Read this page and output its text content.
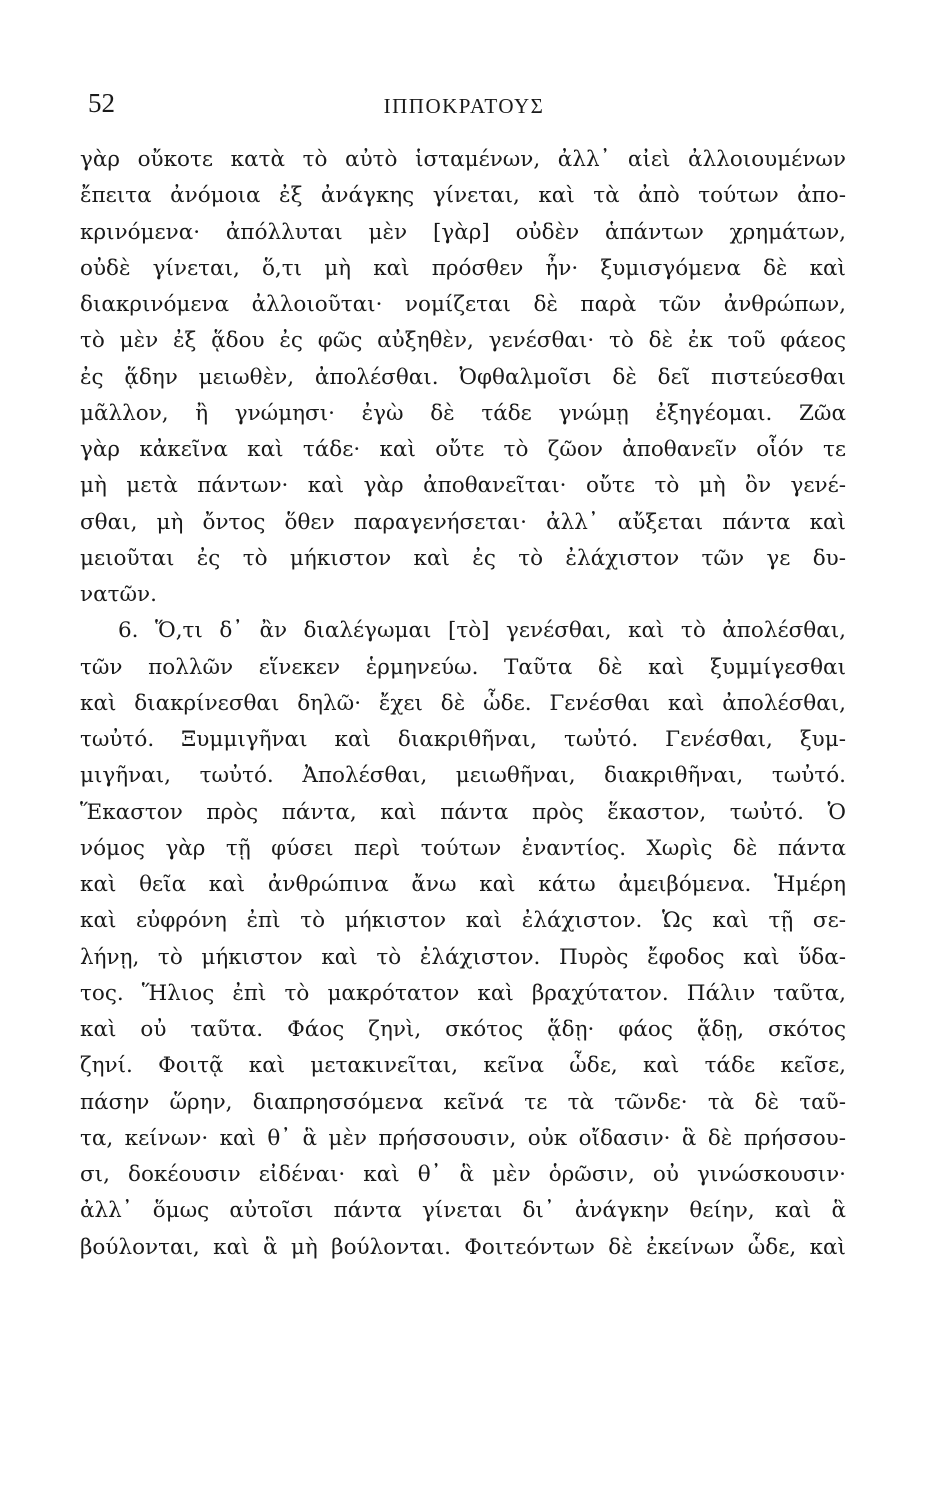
52	ΙΠΠΟΚΡΑΤΟΥΣ
γὰρ οὔκοτε κατὰ τὸ αὐτὸ ἱσταμένων, ἀλλ᾽ αἰεὶ ἀλλοιουμένων
ἔπειτα ἀνόμοια ἐξ ἀνάγκης γίνεται, καὶ τὰ ἀπὸ τούτων ἀπο-
κρινόμενα· ἀπόλλυται μὲν [γὰρ] οὐδὲν ἁπάντων χρημάτων,
οὐδὲ γίνεται, ὅ,τι μὴ καὶ πρόσθεν ἦν· ξυμισγόμενα δὲ καὶ
διακρινόμενα ἀλλοιοῦται· νομίζεται δὲ παρὰ τῶν ἀνθρώπων,
τὸ μὲν ἐξ ᾅδου ἐς φῶς αὐξηθὲν, γενέσθαι· τὸ δὲ ἐκ τοῦ φάεος
ἐς ᾅδην μειωθὲν, ἀπολέσθαι. Ὀφθαλμοῖσι δὲ δεῖ πιστεύεσθαι
μᾶλλον, ἢ γνώμησι· ἐγὼ δὲ τάδε γνώμῃ ἐξηγέομαι. Ζῶα
γὰρ κἀκεῖνα καὶ τάδε· καὶ οὔτε τὸ ζῶον ἀποθανεῖν οἷόν τε
μὴ μετὰ πάντων· καὶ γὰρ ἀποθανεῖται· οὔτε τὸ μὴ ὂν γενέ-
σθαι, μὴ ὄντος ὅθεν παραγενήσεται· ἀλλ᾽ αὔξεται πάντα καὶ
μειοῦται ἐς τὸ μήκιστον καὶ ἐς τὸ ἐλάχιστον τῶν γε δυ-
νατῶν.
6. Ὅ,τι δ᾽ ἂν διαλέγωμαι [τὸ] γενέσθαι, καὶ τὸ ἀπολέσθαι,
τῶν πολλῶν εἵνεκεν ἑρμηνεύω. Ταῦτα δὲ καὶ ξυμμίγεσθαι
καὶ διακρίνεσθαι δηλῶ· ἔχει δὲ ὧδε. Γενέσθαι καὶ ἀπολέσθαι,
τωὐτό. Ξυμμιγῆναι καὶ διακριθῆναι, τωὐτό. Γενέσθαι, ξυμ-
μιγῆναι, τωὐτό. Ἀπολέσθαι, μειωθῆναι, διακριθῆναι, τωὐτό.
Ἕκαστον πρὸς πάντα, καὶ πάντα πρὸς ἕκαστον, τωὐτό. Ὁ
νόμος γὰρ τῇ φύσει περὶ τούτων ἐναντίος. Χωρὶς δὲ πάντα
καὶ θεῖα καὶ ἀνθρώπινα ἄνω καὶ κάτω ἀμειβόμενα. Ἡμέρη
καὶ εὐφρόνη ἐπὶ τὸ μήκιστον καὶ ἐλάχιστον. Ὡς καὶ τῇ σε-
λήνῃ, τὸ μήκιστον καὶ τὸ ἐλάχιστον. Πυρὸς ἔφοδος καὶ ὕδα-
τος. Ἥλιος ἐπὶ τὸ μακρότατον καὶ βραχύτατον. Πάλιν ταῦτα,
καὶ οὐ ταῦτα. Φάος ζηνὶ, σκότος ᾅδῃ· φάος ᾅδῃ, σκότος
ζηνί. Φοιτᾷ καὶ μετακινεῖται, κεῖνα ὧδε, καὶ τάδε κεῖσε,
πάσην ὥρην, διαπρησσόμενα κεῖνά τε τὰ τῶνδε· τὰ δὲ ταῦ-
τα, κείνων· καὶ θ᾽ ἃ μὲν πρήσσουσιν, οὐκ οἴδασιν· ἃ δὲ πρήσσου-
σι, δοκέουσιν εἰδέναι· καὶ θ᾽ ἃ μὲν ὁρῶσιν, οὐ γινώσκουσιν·
ἀλλ᾽ ὅμως αὐτοῖσι πάντα γίνεται δι᾽ ἀνάγκην θείην, καὶ ἃ
βούλονται, καὶ ἃ μὴ βούλονται. Φοιτεόντων δὲ ἐκείνων ὧδε, καὶ
